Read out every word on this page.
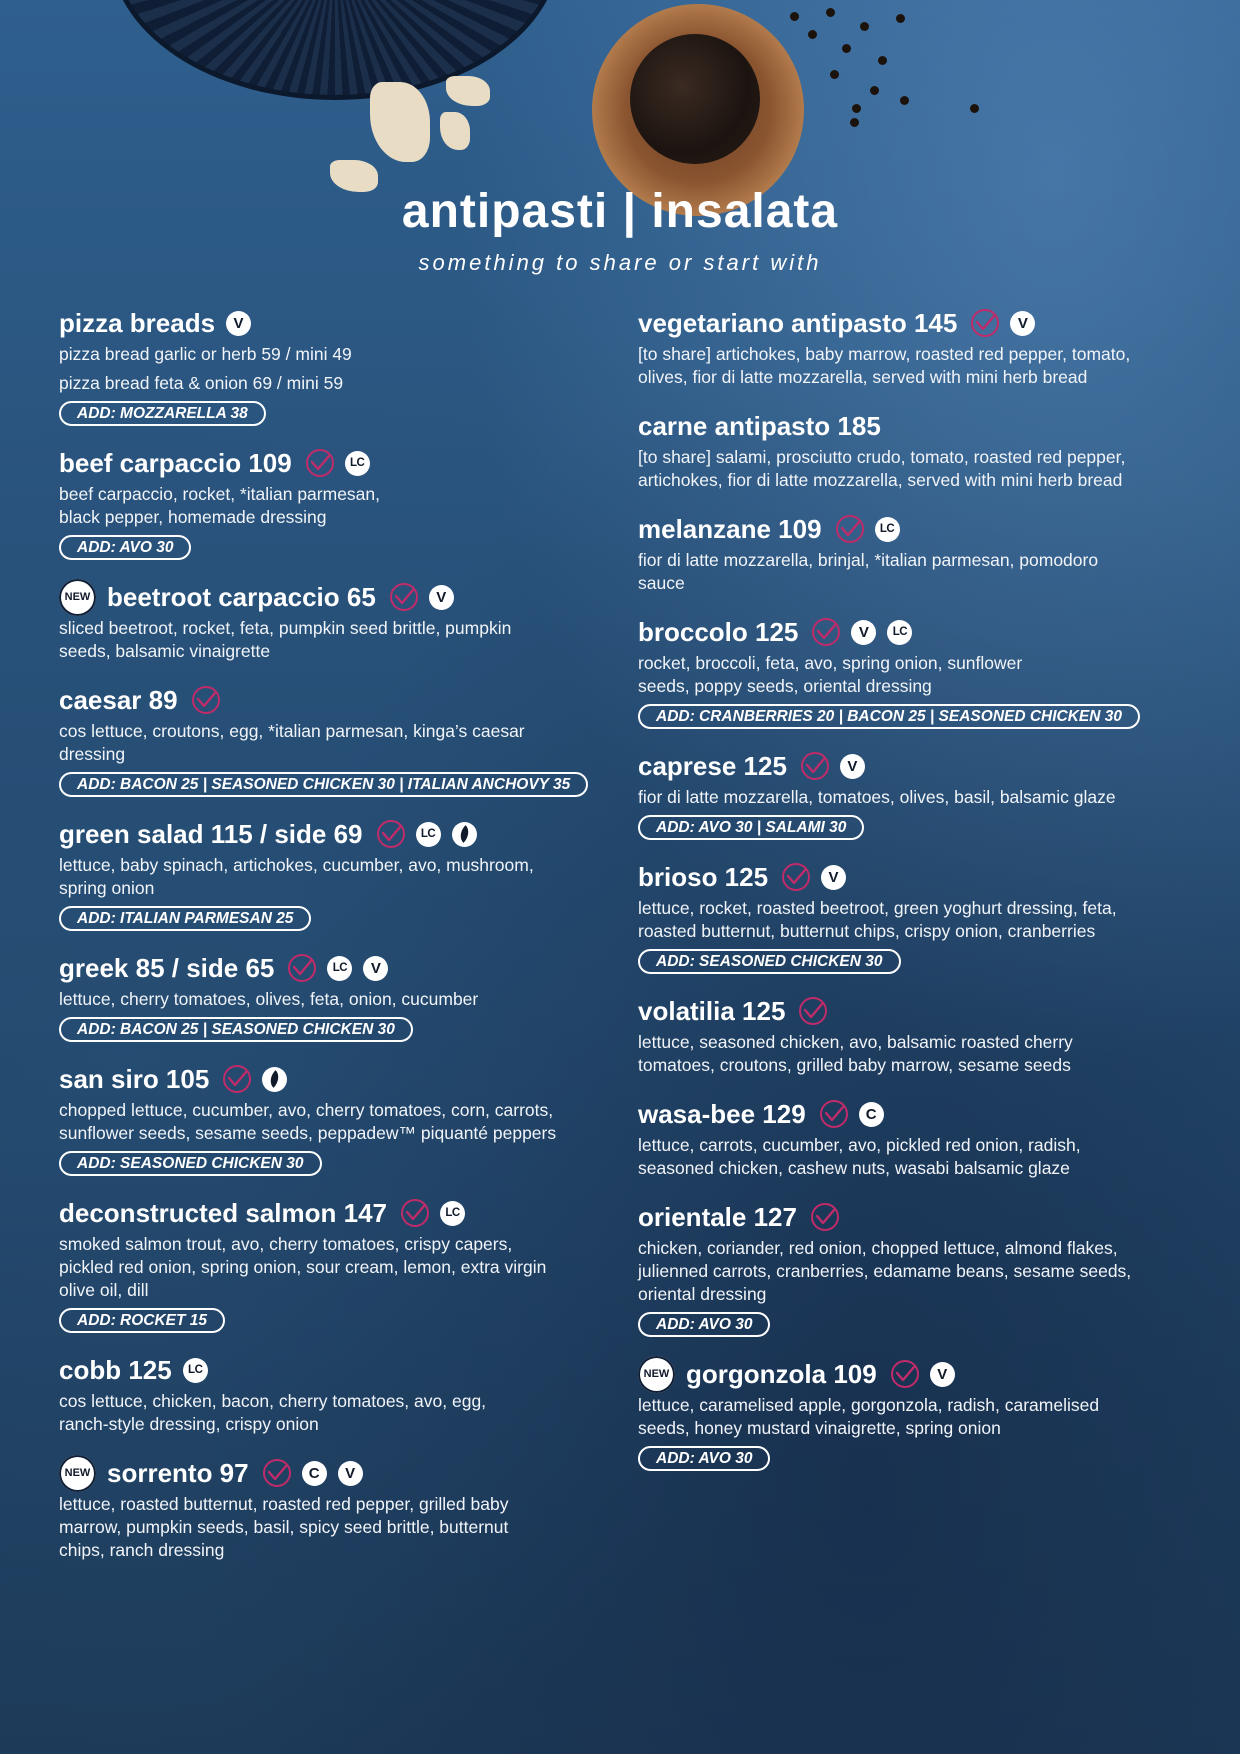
antipasti | insalata
something to share or start with
pizza breads	V
pizza bread garlic or herb 59 / mini 49
pizza bread feta & onion 69 / mini 59
ADD: MOZZARELLA 38
beef carpaccio 109	LC
beef carpaccio, rocket, *italian parmesan,
black pepper, homemade dressing
ADD: AVO 30
NEW beetroot carpaccio 65	V
sliced beetroot, rocket, feta, pumpkin seed brittle, pumpkin
seeds, balsamic vinaigrette
caesar 89
cos lettuce, croutons, egg, *italian parmesan, kinga’s caesar
dressing
ADD: BACON 25 | SEASONED CHICKEN 30 | ITALIAN ANCHOVY 35
green salad 115 / side 69	LC
lettuce, baby spinach, artichokes, cucumber, avo, mushroom,
spring onion
ADD: ITALIAN PARMESAN 25
greek 85 / side 65	LC	V
lettuce, cherry tomatoes, olives, feta, onion, cucumber
ADD: BACON 25 | SEASONED CHICKEN 30
san siro 105
chopped lettuce, cucumber, avo, cherry tomatoes, corn, carrots,
sunflower seeds, sesame seeds, peppadew™ piquanté peppers
ADD: SEASONED CHICKEN 30
deconstructed salmon 147	LC
smoked salmon trout, avo, cherry tomatoes, crispy capers,
pickled red onion, spring onion, sour cream, lemon, extra virgin
olive oil, dill
ADD: ROCKET 15
cobb 125	LC
cos lettuce, chicken, bacon, cherry tomatoes, avo, egg,
ranch-style dressing, crispy onion
NEW sorrento 97	C	V
lettuce, roasted butternut, roasted red pepper, grilled baby
marrow, pumpkin seeds, basil, spicy seed brittle, butternut
chips, ranch dressing
vegetariano antipasto 145	V
[to share] artichokes, baby marrow, roasted red pepper, tomato,
olives, fior di latte mozzarella, served with mini herb bread
carne antipasto 185
[to share] salami, prosciutto crudo, tomato, roasted red pepper,
artichokes, fior di latte mozzarella, served with mini herb bread
melanzane 109	LC
fior di latte mozzarella, brinjal, *italian parmesan, pomodoro
sauce
broccolo 125	V	LC
rocket, broccoli, feta, avo, spring onion, sunflower
seeds, poppy seeds, oriental dressing
ADD: CRANBERRIES 20 | BACON 25 | SEASONED CHICKEN 30
caprese 125	V
fior di latte mozzarella, tomatoes, olives, basil, balsamic glaze
ADD: AVO 30 | SALAMI 30
brioso 125	V
lettuce, rocket, roasted beetroot, green yoghurt dressing, feta,
roasted butternut, butternut chips, crispy onion, cranberries
ADD: SEASONED CHICKEN 30
volatilia 125
lettuce, seasoned chicken, avo, balsamic roasted cherry
tomatoes, croutons, grilled baby marrow, sesame seeds
wasa-bee 129	C
lettuce, carrots, cucumber, avo, pickled red onion, radish,
seasoned chicken, cashew nuts, wasabi balsamic glaze
orientale 127
chicken, coriander, red onion, chopped lettuce, almond flakes,
julienned carrots, cranberries, edamame beans, sesame seeds,
oriental dressing
ADD: AVO 30
NEW gorgonzola 109	V
lettuce, caramelised apple, gorgonzola, radish, caramelised
seeds, honey mustard vinaigrette, spring onion
ADD: AVO 30
